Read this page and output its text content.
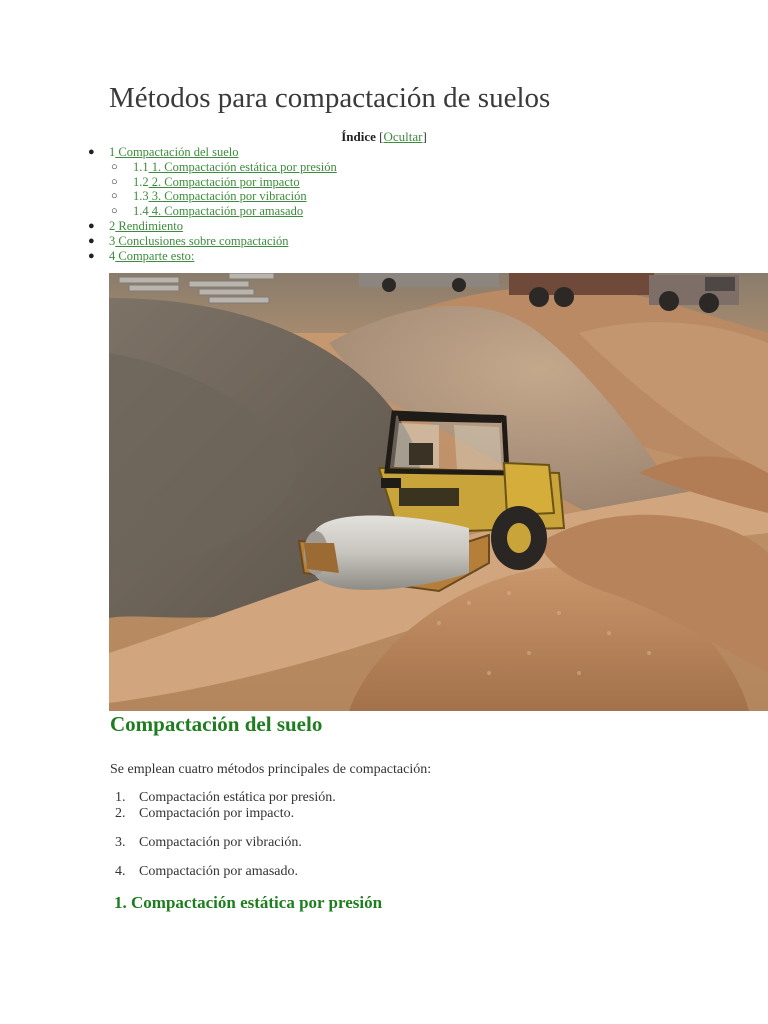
Métodos para compactación de suelos
Índice [Ocultar]
● 1 Compactación del suelo
○ 1.1 1. Compactación estática por presión
○ 1.2 2. Compactación por impacto
○ 1.3 3. Compactación por vibración
○ 1.4 4. Compactación por amasado
● 2 Rendimiento
● 3 Conclusiones sobre compactación
● 4 Comparte esto:
Compactación del suelo

Se emplean cuatro métodos principales de compactación:

1. Compactación estática por presión.
2. Compactación por impacto.
3. Compactación por vibración.
4. Compactación por amasado.
1. Compactación estática por presión
